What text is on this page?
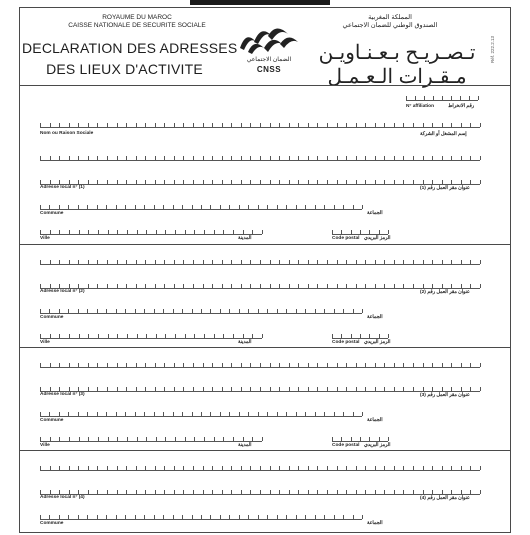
ROYAUME DU MAROC
CAISSE NATIONALE DE SECURITE SOCIALE
DECLARATION DES ADRESSES
DES LIEUX D'ACTIVITE
الضمان الاجتماعي
CNSS
المملكة المغربية
الصندوق الوطني للضمان الاجتماعي
تـصـريـح بـعـنـاويـن
مـقـرات الـعـمـل
Réf. 222.2.13
N° affiliation	رقم الانخراط
Nom ou Raison Sociale	إسم المشغل أو الشركة
Adresse local n° (1)	عنوان مقر العمل رقم (1)
Commune	الجماعة
Ville	المدينة	Code postal الرمز البريدي
Adresse local n° (2)	عنوان مقر العمل رقم (2)
Commune	الجماعة
Ville	المدينة	Code postal الرمز البريدي
Adresse local n° (3)	عنوان مقر العمل رقم (3)
Commune	الجماعة
Ville	المدينة	Code postal الرمز البريدي
Adresse local n° (4)	عنوان مقر العمل رقم (4)
Commune	الجماعة
